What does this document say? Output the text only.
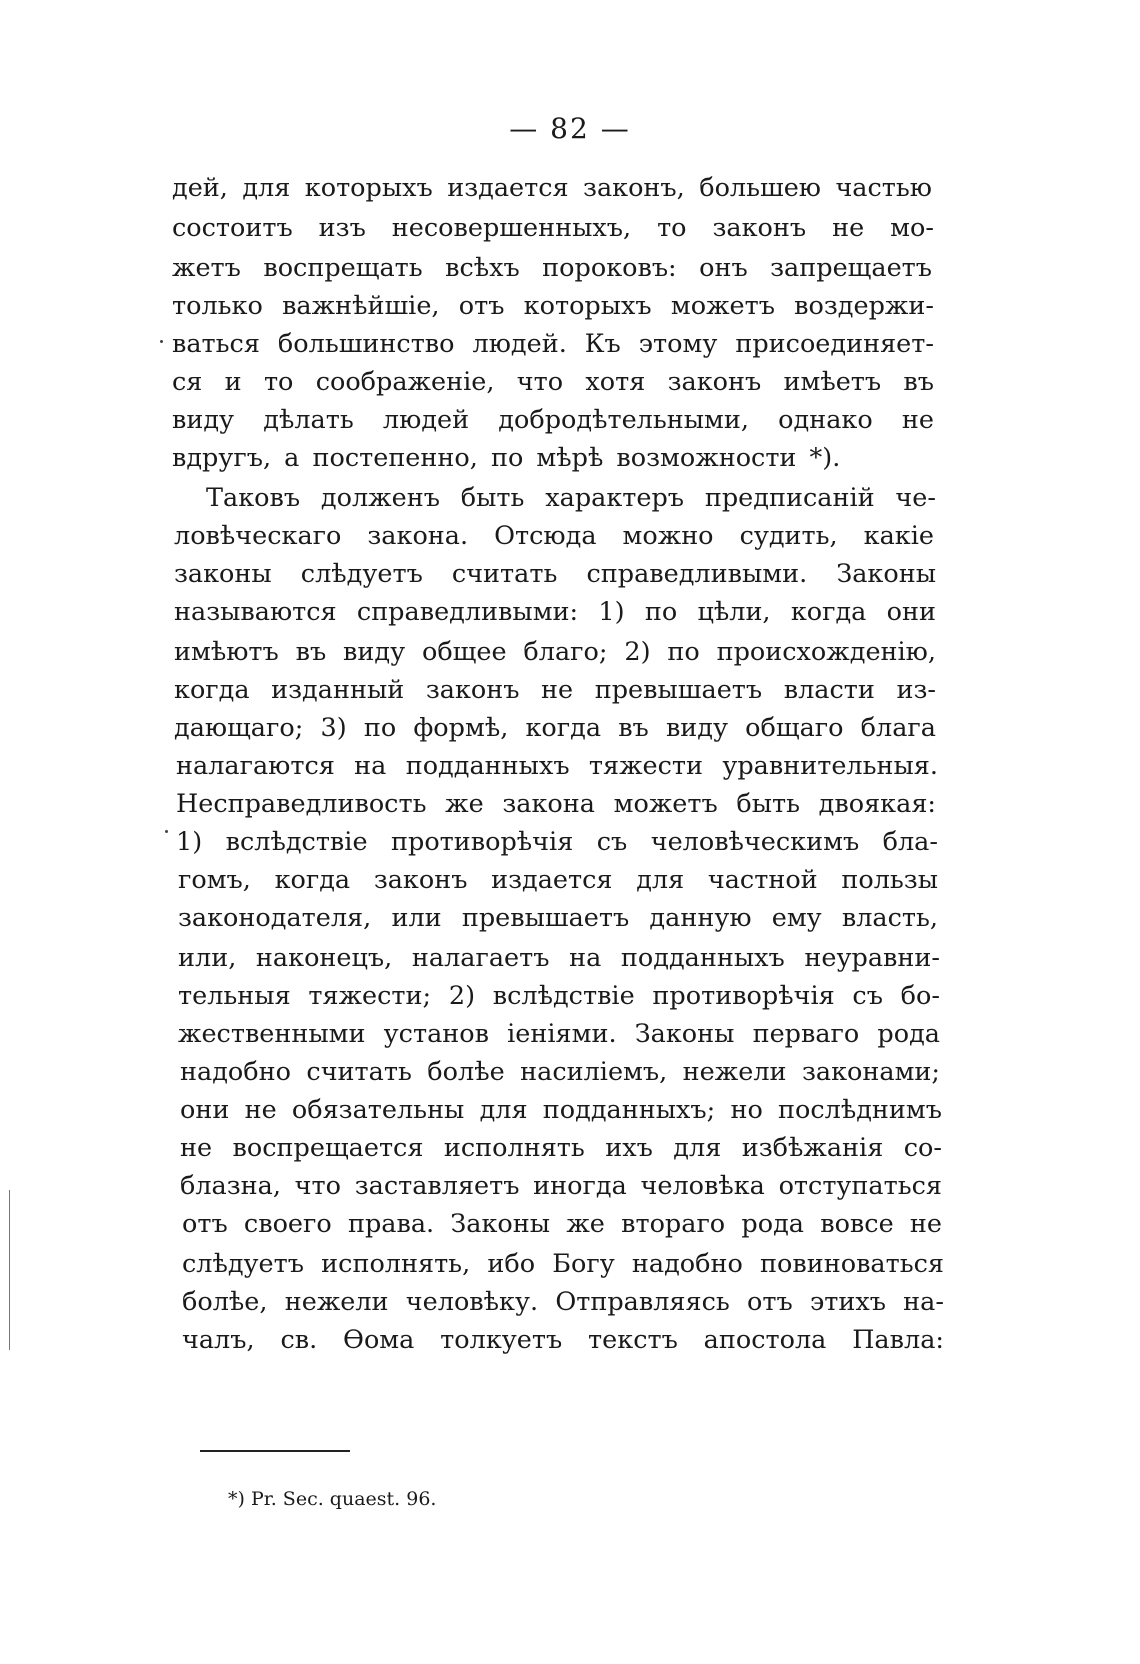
— 82 —
дей, для которыхъ издается законъ, большею частью
состоитъ изъ несовершенныхъ, то законъ не мо-
жетъ воспрещать всѣхъ пороковъ: онъ запрещаетъ
только важнѣйшіе, отъ которыхъ можетъ воздержи-
ваться большинство людей. Къ этому присоединяет-
ся и то соображеніе, что хотя законъ имѣетъ въ
виду дѣлать людей добродѣтельными, однако не
вдругъ, а постепенно, по мѣрѣ возможности *).
Таковъ долженъ быть характеръ предписаній че-
ловѣческаго закона. Отсюда можно судить, какіе
законы слѣдуетъ считать справедливыми. Законы
называются справедливыми: 1) по цѣли, когда они
имѣютъ въ виду общее благо; 2) по происхожденію,
когда изданный законъ не превышаетъ власти из-
дающаго; 3) по формѣ, когда въ виду общаго блага
налагаются на подданныхъ тяжести уравнительныя.
Несправедливость же закона можетъ быть двоякая:
1) вслѣдствіе противорѣчія съ человѣческимъ бла-
гомъ, когда законъ издается для частной пользы
законодателя, или превышаетъ данную ему власть,
или, наконецъ, налагаетъ на подданныхъ неуравни-
тельныя тяжести; 2) вслѣдствіе противорѣчія съ бо-
жественными установ іеніями. Законы перваго рода
надобно считать болѣе насиліемъ, нежели законами;
они не обязательны для подданныхъ; но послѣднимъ
не воспрещается исполнять ихъ для избѣжанія со-
блазна, что заставляетъ иногда человѣка отступаться
отъ своего права. Законы же втораго рода вовсе не
слѣдуетъ исполнять, ибо Богу надобно повиноваться
болѣе, нежели человѣку. Отправляясь отъ этихъ на-
чалъ, св. Ѳома толкуетъ текстъ апостола Павла:
*) Pr. Sec. quaest. 96.
